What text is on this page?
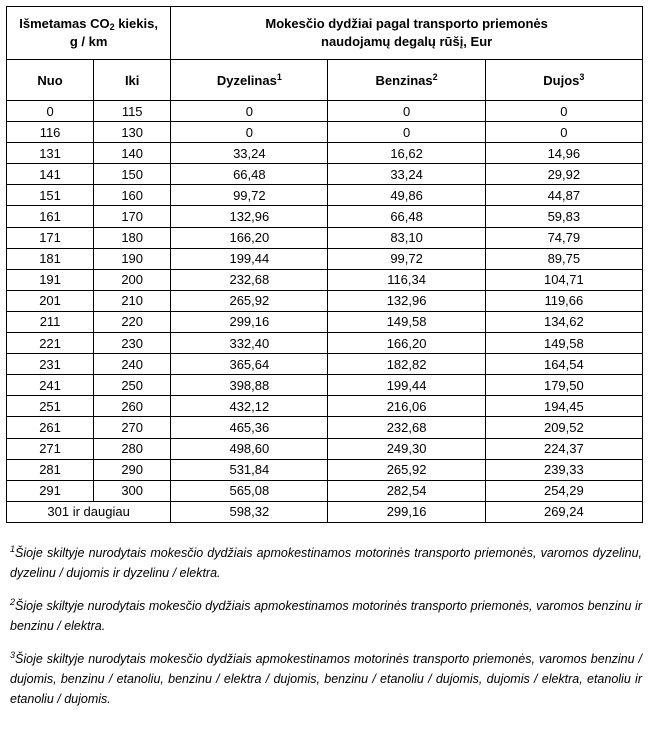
Išmetamas $CO_2$ kiekis,
g / km		Mokesčio dydžiai pagal transporto priemonės
naudojamų degalų rūšį, Eur		
Nuo	Iki	Dyzelinas$^1$	Benzinas$^2$	Dujos$^3$
0	115	0	0	0
116	130	0	0	0
131	140	33,24	16,62	14,96
141	150	66,48	33,24	29,92
151	160	99,72	49,86	44,87
161	170	132,96	66,48	59,83
171	180	166,20	83,10	74,79
181	190	199,44	99,72	89,75
191	200	232,68	116,34	104,71
201	210	265,92	132,96	119,66
211	220	299,16	149,58	134,62
221	230	332,40	166,20	149,58
231	240	365,64	182,82	164,54
241	250	398,88	199,44	179,50
251	260	432,12	216,06	194,45
261	270	465,36	232,68	209,52
271	280	498,60	249,30	224,37
281	290	531,84	265,92	239,33
291	300	565,08	282,54	254,29
301 ir daugiau		598,32	299,16	269,24

$^1$Šioje skiltyje nurodytais mokesčio dydžiais apmokestinamos motorinės transporto priemonės, varomos dyzelinu, dyzelinu / dujomis ir dyzelinu / elektra.

$^2$Šioje skiltyje nurodytais mokesčio dydžiais apmokestinamos motorinės transporto priemonės, varomos benzinu ir benzinu / elektra.

$^3$Šioje skiltyje nurodytais mokesčio dydžiais apmokestinamos motorinės transporto priemonės, varomos benzinu / dujomis, benzinu / etanoliu, benzinu / elektra / dujomis, benzinu / etanoliu / dujomis, dujomis / elektra, etanoliu ir etanoliu / dujomis.
